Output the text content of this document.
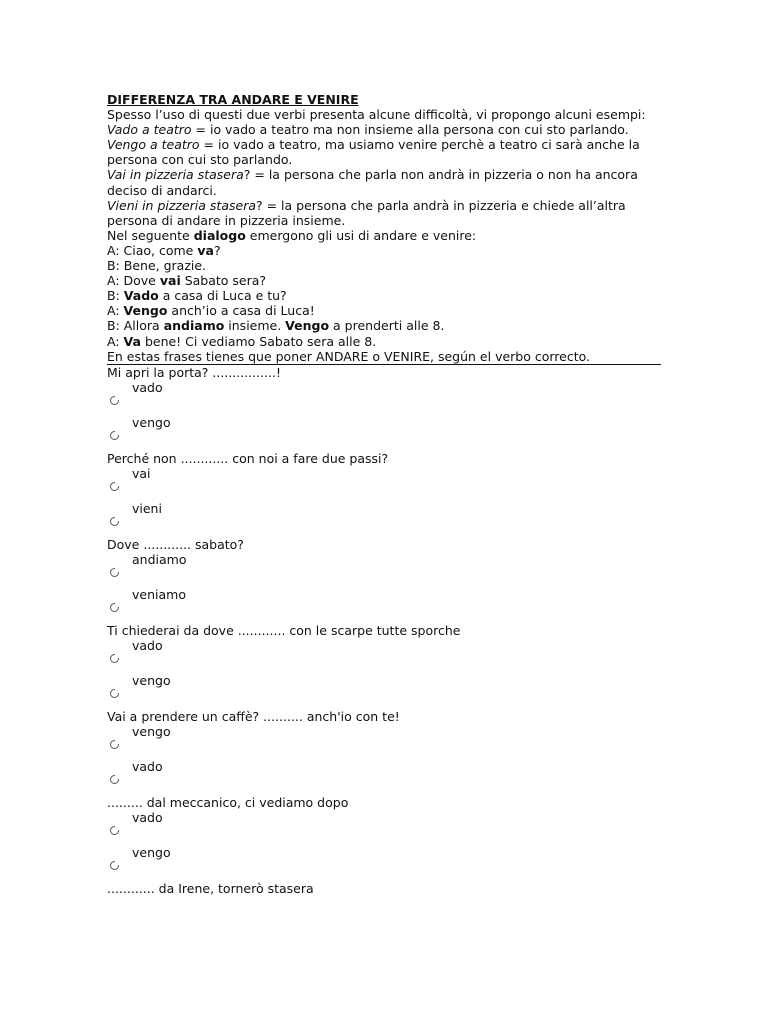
DIFFERENZA TRA ANDARE E VENIRE
Spesso l’uso di questi due verbi presenta alcune difficoltà, vi propongo alcuni esempi:
Vado a teatro = io vado a teatro ma non insieme alla persona con cui sto parlando.
Vengo a teatro = io vado a teatro, ma usiamo venire perchè a teatro ci sarà anche la
persona con cui sto parlando.
Vai in pizzeria stasera? = la persona che parla non andrà in pizzeria o non ha ancora
deciso di andarci.
Vieni in pizzeria stasera? = la persona che parla andrà in pizzeria e chiede all’altra
persona di andare in pizzeria insieme.
Nel seguente dialogo emergono gli usi di andare e venire:
A: Ciao, come va?
B: Bene, grazie.
A: Dove vai Sabato sera?
B: Vado a casa di Luca e tu?
A: Vengo anch’io a casa di Luca!
B: Allora andiamo insieme. Vengo a prenderti alle 8.
A: Va bene! Ci vediamo Sabato sera alle 8.
En estas frases tienes que poner ANDARE o VENIRE, según el verbo correcto.
Mi apri la porta? ................!
vado
vengo
Perché non ............ con noi a fare due passi?
vai
vieni
Dove ............ sabato?
andiamo
veniamo
Ti chiederai da dove ............ con le scarpe tutte sporche
vado
vengo
Vai a prendere un caffè? .......... anch'io con te!
vengo
vado
......... dal meccanico, ci vediamo dopo
vado
vengo
............ da Irene, tornerò stasera
